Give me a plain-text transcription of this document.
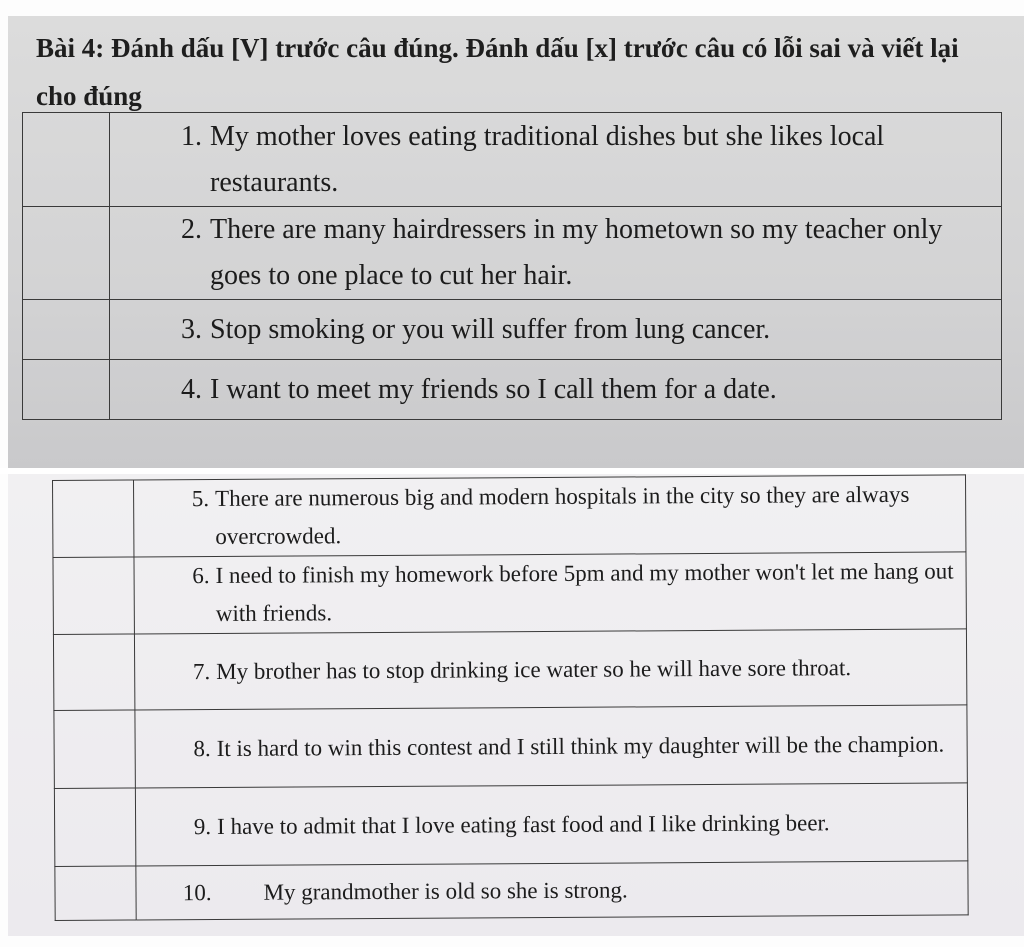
Bài 4: Đánh dấu [V] trước câu đúng. Đánh dấu [x] trước câu có lỗi sai và viết lại cho đúng

	1. My mother loves eating traditional dishes but she likes local restaurants.

	2. There are many hairdressers in my hometown so my teacher only goes to one place to cut her hair.

	3. Stop smoking or you will suffer from lung cancer.

	4. I want to meet my friends so I call them for a date.

	5. There are numerous big and modern hospitals in the city so they are always overcrowded.

	6. I need to finish my homework before 5pm and my mother won't let me hang out with friends.

	7. My brother has to stop drinking ice water so he will have sore throat.

	8. It is hard to win this contest and I still think my daughter will be the champion.

	9. I have to admit that I love eating fast food and I like drinking beer.

	10. My grandmother is old so she is strong.
